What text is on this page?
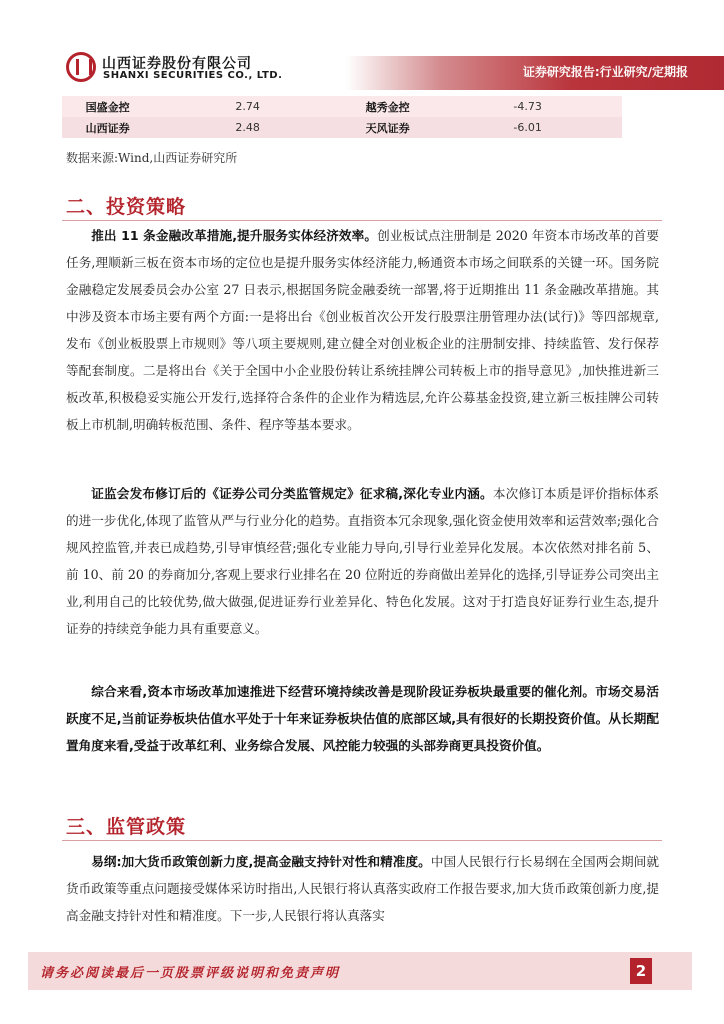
山西证券股份有限公司
SHANXI SECURITIES CO., LTD.	证券研究报告:行业研究/定期报
国盛金控	2.74	越秀金控	-4.73
山西证券	2.48	天风证券	-6.01
数据来源:Wind,山西证券研究所
二、投资策略

推出 11 条金融改革措施,提升服务实体经济效率。创业板试点注册制是 2020 年资本市场改革的首要任务,理顺新三板在资本市场的定位也是提升服务实体经济能力,畅通资本市场之间联系的关键一环。国务院金融稳定发展委员会办公室 27 日表示,根据国务院金融委统一部署,将于近期推出 11 条金融改革措施。其中涉及资本市场主要有两个方面:一是将出台《创业板首次公开发行股票注册管理办法(试行)》等四部规章,发布《创业板股票上市规则》等八项主要规则,建立健全对创业板企业的注册制安排、持续监管、发行保荐等配套制度。二是将出台《关于全国中小企业股份转让系统挂牌公司转板上市的指导意见》,加快推进新三板改革,积极稳妥实施公开发行,选择符合条件的企业作为精选层,允许公募基金投资,建立新三板挂牌公司转板上市机制,明确转板范围、条件、程序等基本要求。

证监会发布修订后的《证券公司分类监管规定》征求稿,深化专业内涵。本次修订本质是评价指标体系的进一步优化,体现了监管从严与行业分化的趋势。直指资本冗余现象,强化资金使用效率和运营效率;强化合规风控监管,并表已成趋势,引导审慎经营;强化专业能力导向,引导行业差异化发展。本次依然对排名前 5、前 10、前 20 的券商加分,客观上要求行业排名在 20 位附近的券商做出差异化的选择,引导证券公司突出主业,利用自己的比较优势,做大做强,促进证券行业差异化、特色化发展。这对于打造良好证券行业生态,提升证券的持续竞争能力具有重要意义。

综合来看,资本市场改革加速推进下经营环境持续改善是现阶段证券板块最重要的催化剂。市场交易活跃度不足,当前证券板块估值水平处于十年来证券板块估值的底部区域,具有很好的长期投资价值。从长期配置角度来看,受益于改革红利、业务综合发展、风控能力较强的头部券商更具投资价值。

三、监管政策

易纲:加大货币政策创新力度,提高金融支持针对性和精准度。中国人民银行行长易纲在全国两会期间就货币政策等重点问题接受媒体采访时指出,人民银行将认真落实政府工作报告要求,加大货币政策创新力度,提高金融支持针对性和精准度。下一步,人民银行将认真落实

请务必阅读最后一页股票评级说明和免责声明	2
